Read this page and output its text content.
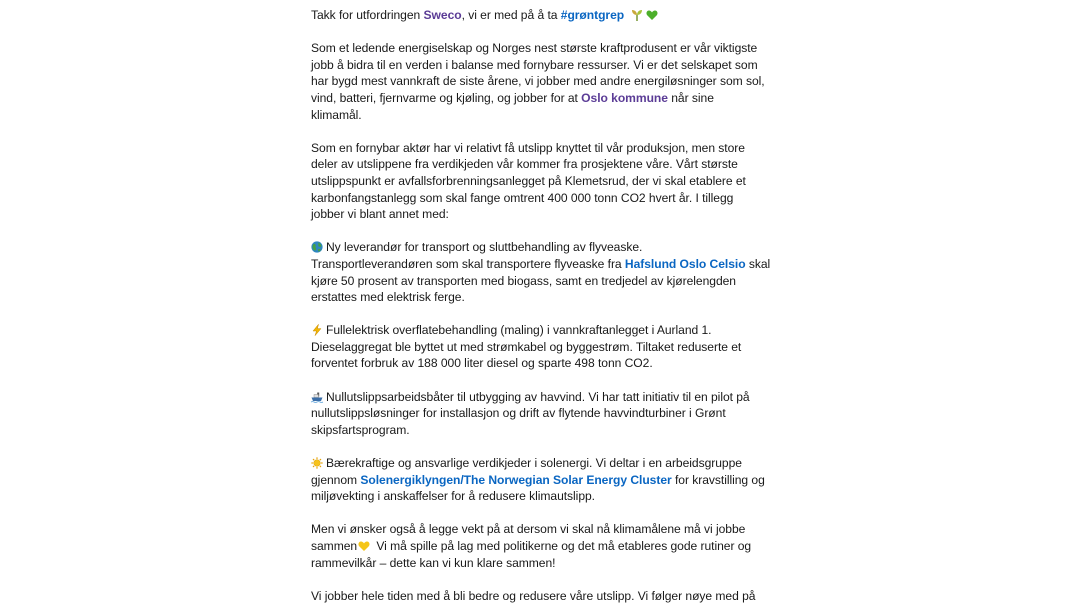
Takk for utfordringen Sweco, vi er med på å ta #grøntgrep
Som et ledende energiselskap og Norges nest største kraftprodusent er vår viktigste
jobb å bidra til en verden i balanse med fornybare ressurser. Vi er det selskapet som
har bygd mest vannkraft de siste årene, vi jobber med andre energiløsninger som sol,
vind, batteri, fjernvarme og kjøling, og jobber for at Oslo kommune når sine
klimamål.
Som en fornybar aktør har vi relativt få utslipp knyttet til vår produksjon, men store
deler av utslippene fra verdikjeden vår kommer fra prosjektene våre. Vårt største
utslippspunkt er avfallsforbrenningsanlegget på Klemetsrud, der vi skal etablere et
karbonfangstanlegg som skal fange omtrent 400 000 tonn CO2 hvert år. I tillegg
jobber vi blant annet med:
Ny leverandør for transport og sluttbehandling av flyveaske.
Transportleverandøren som skal transportere flyveaske fra Hafslund Oslo Celsio skal
kjøre 50 prosent av transporten med biogass, samt en tredjedel av kjørelengden
erstattes med elektrisk ferge.
Fullelektrisk overflatebehandling (maling) i vannkraftanlegget i Aurland 1.
Dieselaggregat ble byttet ut med strømkabel og byggestrøm. Tiltaket reduserte et
forventet forbruk av 188 000 liter diesel og sparte 498 tonn CO2.
Nullutslippsarbeidsbåter til utbygging av havvind. Vi har tatt initiativ til en pilot på
nullutslippsløsninger for installasjon og drift av flytende havvindturbiner i Grønt
skipsfartsprogram.
Bærekraftige og ansvarlige verdikjeder i solenergi. Vi deltar i en arbeidsgruppe
gjennom Solenergiklyngen/The Norwegian Solar Energy Cluster for kravstilling og
miljøvekting i anskaffelser for å redusere klimautslipp.
Men vi ønsker også å legge vekt på at dersom vi skal nå klimamålene må vi jobbe
sammen
Vi må spille på lag med politikerne og det må etableres gode rutiner og
rammevilkår – dette kan vi kun klare sammen!
Vi jobber hele tiden med å bli bedre og redusere våre utslipp. Vi følger nøye med på
